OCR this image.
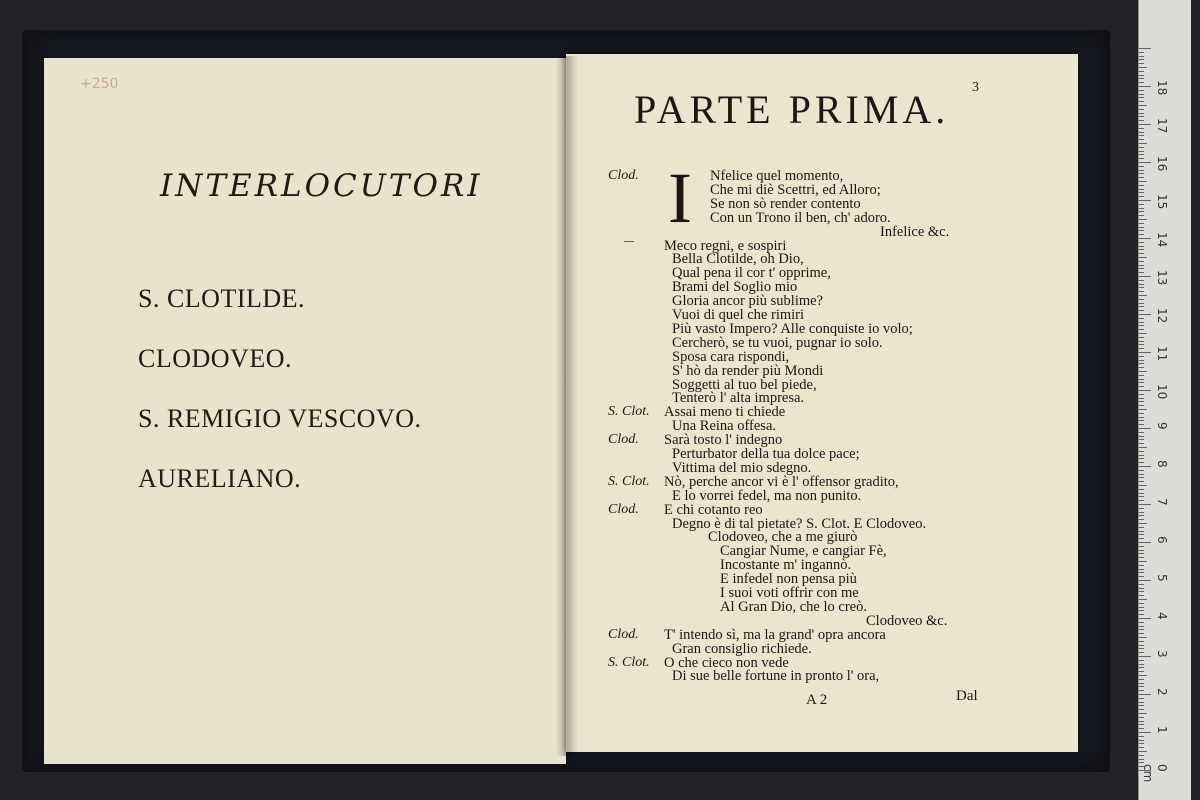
+250
INTERLOCUTORI
S. CLOTILDE.
CLODOVEO.
S. REMIGIO VESCOVO.
AURELIANO.
PARTE PRIMA. 3
I
Clod.	Nfelice quel momento,
Che mi diè Scettri, ed Alloro;
Se non sò render contento
Con un Trono il ben, ch' adoro.
Infelice &c.
Meco regni, e sospiri
Bella Clotilde, oh Dio,
Qual pena il cor t' opprime,
Brami del Soglio mio
Gloria ancor più sublime?
Vuoi di quel che rimiri
Più vasto Impero? Alle conquiste io volo;
Cercherò, se tu vuoi, pugnar io solo.
Sposa cara rispondi,
S' hò da render più Mondi
Soggetti al tuo bel piede,
Tenterò l' alta impresa.
S. Clot. Assai meno ti chiede
Una Reina offesa.
Clod. Sarà tosto l' indegno
Perturbator della tua dolce pace;
Vittima del mio sdegno.
S. Clot. Nò, perche ancor vi è l' offensor gradito,
E lo vorrei fedel, ma non punito.
Clod. E chi cotanto reo
Degno è di tal pietate? S. Clot. E Clodoveo.
Clodoveo, che a me giurò
Cangiar Nume, e cangiar Fè,
Incostante m' ingannò.
E infedel non pensa più
I suoi voti offrir con me
Al Gran Dio, che lo creò.
Clodoveo &c.
Clod. T' intendo sì, ma la grand' opra ancora
Gran consiglio richiede.
S. Clot. O che cieco non vede
Di sue belle fortune in pronto l' ora,
A 2	Dal
0 cm
1
2
3
4
5
6
7
8
9
10
11
12
13
14
15
16
17
18
